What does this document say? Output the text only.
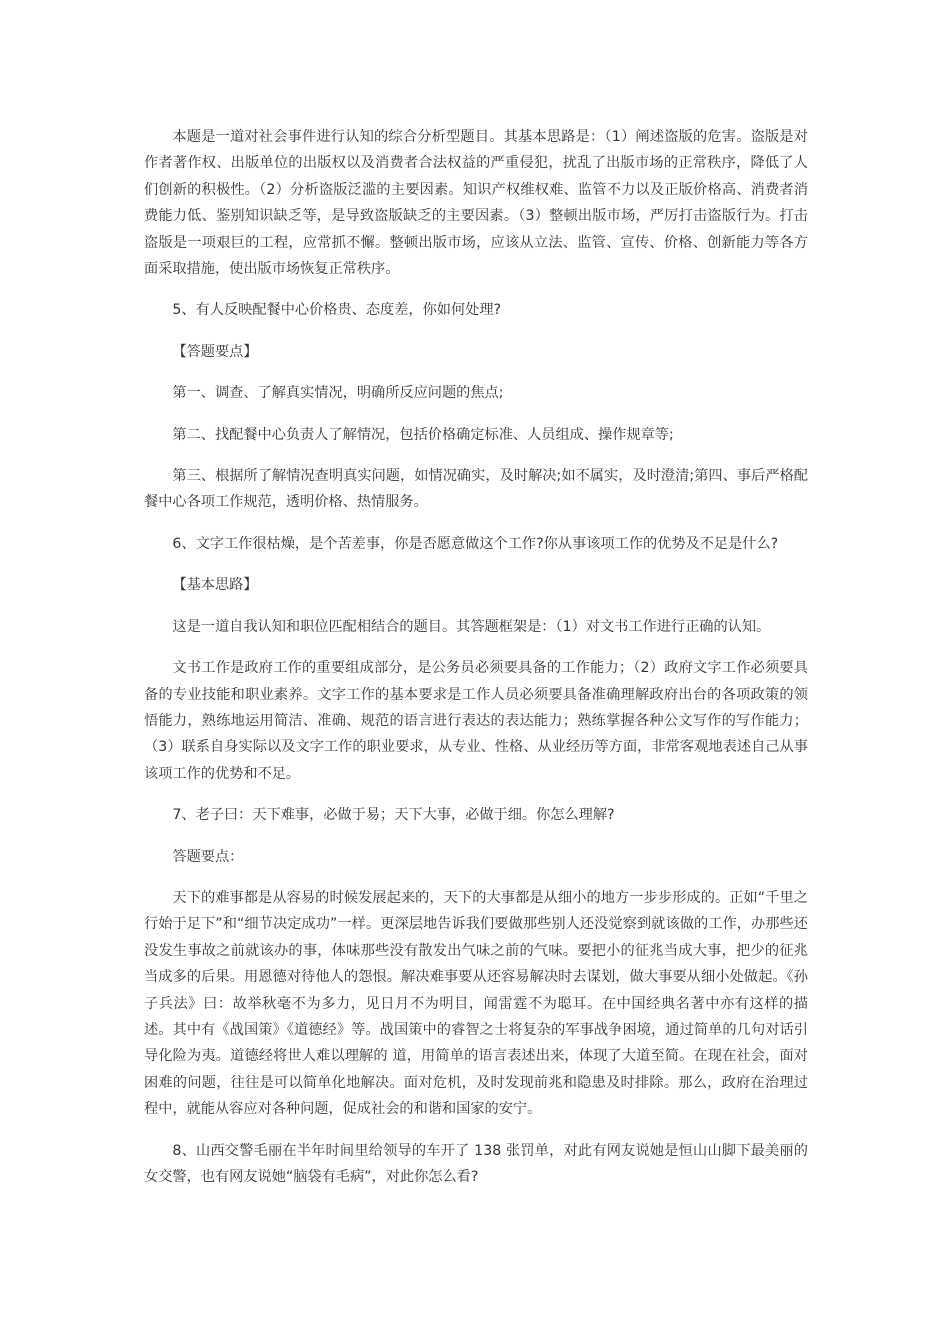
本题是一道对社会事件进行认知的综合分析型题目。其基本思路是：（1）阐述盗版的危害。盗版是对作者著作权、出版单位的出版权以及消费者合法权益的严重侵犯，扰乱了出版市场的正常秩序，降低了人们创新的积极性。（2）分析盗版泛滥的主要因素。知识产权维权难、监管不力以及正版价格高、消费者消费能力低、鉴别知识缺乏等，是导致盗版缺乏的主要因素。（3）整顿出版市场，严厉打击盗版行为。打击盗版是一项艰巨的工程，应常抓不懈。整顿出版市场，应该从立法、监管、宣传、价格、创新能力等各方面采取措施，使出版市场恢复正常秩序。

5、有人反映配餐中心价格贵、态度差，你如何处理?

【答题要点】

第一、调查、了解真实情况，明确所反应问题的焦点;

第二、找配餐中心负责人了解情况，包括价格确定标准、人员组成、操作规章等;

第三、根据所了解情况查明真实问题，如情况确实，及时解决;如不属实，及时澄清;第四、事后严格配餐中心各项工作规范，透明价格、热情服务。

6、文字工作很枯燥，是个苦差事，你是否愿意做这个工作?你从事该项工作的优势及不足是什么?

【基本思路】

这是一道自我认知和职位匹配相结合的题目。其答题框架是：（1）对文书工作进行正确的认知。

文书工作是政府工作的重要组成部分，是公务员必须要具备的工作能力；（2）政府文字工作必须要具备的专业技能和职业素养。文字工作的基本要求是工作人员必须要具备准确理解政府出台的各项政策的领悟能力，熟练地运用简洁、准确、规范的语言进行表达的表达能力；熟练掌握各种公文写作的写作能力；（3）联系自身实际以及文字工作的职业要求，从专业、性格、从业经历等方面，非常客观地表述自己从事该项工作的优势和不足。

7、老子曰：天下难事，必做于易；天下大事，必做于细。你怎么理解?

答题要点：

天下的难事都是从容易的时候发展起来的，天下的大事都是从细小的地方一步步形成的。正如“千里之行始于足下”和“细节决定成功”一样。更深层地告诉我们要做那些别人还没觉察到就该做的工作，办那些还没发生事故之前就该办的事，体味那些没有散发出气味之前的气味。要把小的征兆当成大事，把少的征兆当成多的后果。用恩德对待他人的怨恨。解决难事要从还容易解决时去谋划，做大事要从细小处做起。《孙子兵法》曰：故举秋毫不为多力，见日月不为明目，闻雷霆不为聪耳。在中国经典名著中亦有这样的描述。其中有《战国策》《道德经》等。战国策中的睿智之士将复杂的军事战争困境，通过简单的几句对话引导化险为夷。道德经将世人难以理解的 道，用简单的语言表述出来，体现了大道至简。在现在社会，面对困难的问题，往往是可以简单化地解决。面对危机，及时发现前兆和隐患及时排除。那么，政府在治理过程中，就能从容应对各种问题，促成社会的和谐和国家的安宁。

8、山西交警毛丽在半年时间里给领导的车开了 138 张罚单，对此有网友说她是恒山山脚下最美丽的女交警，也有网友说她“脑袋有毛病”，对此你怎么看?
